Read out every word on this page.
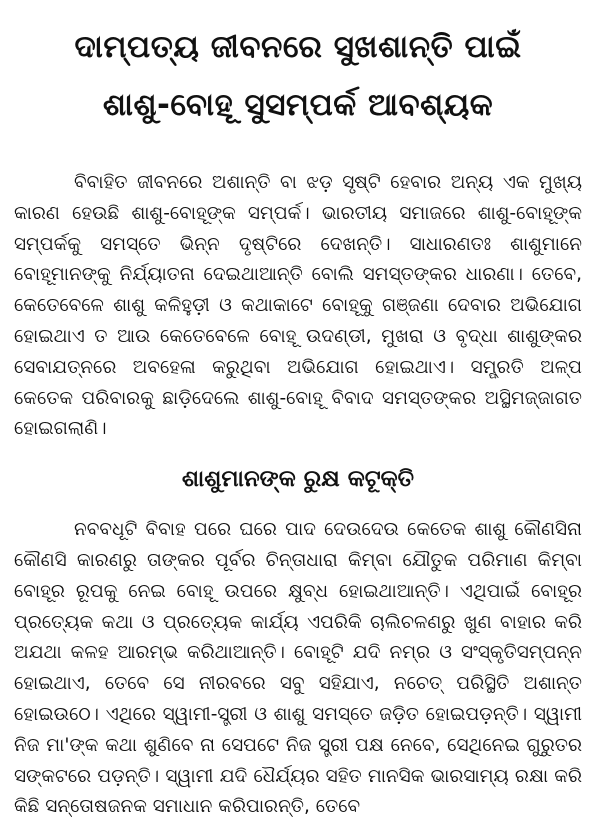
ଦାମ୍ପତ୍ୟ ଜୀବନରେ ସୁଖଶାନ୍ତି ପାଇଁ
ଶାଶୁ-ବୋହୂ ସୁସମ୍ପର୍କ ଆବଶ୍ୟକ

ବିବାହିତ ଜୀବନରେ ଅଶାନ୍ତି ବା ଝଡ଼ ସୃଷ୍ଟି ହେବାର ଅନ୍ୟ ଏକ ମୁଖ୍ୟ କାରଣ ହେଉଛି ଶାଶୁ-ବୋହୂଙ୍କ ସମ୍ପର୍କ। ଭାରତୀୟ ସମାଜରେ ଶାଶୁ-ବୋହୂଙ୍କ ସମ୍ପର୍କକୁ ସମସ୍ତେ ଭିନ୍ନ ଦୃଷ୍ଟିରେ ଦେଖନ୍ତି। ସାଧାରଣତଃ ଶାଶୁମାନେ ବୋହୂମାନଙ୍କୁ ନିର୍ଯ୍ୟାତନା ଦେଇଥାଆନ୍ତି ବୋଲି ସମସ୍ତଙ୍କର ଧାରଣା। ତେବେ, କେତେବେଳେ ଶାଶୁ କଳିହୁଡ଼ୀ ଓ କଥାକାଟେ ବୋହୂକୁ ଗଞ୍ଜଣା ଦେବାର ଅଭିଯୋଗ ହୋଇଥାଏ ତ ଆଉ କେତେବେଳେ ବୋହୂ ଉଦଣ୍ଡୀ, ମୁଖରା ଓ ବୃଦ୍ଧା ଶାଶୁଙ୍କର ସେବାଯତ୍ନରେ ଅବହେଳା କରୁଥିବା ଅଭିଯୋଗ ହୋଇଥାଏ। ସମ୍ପ୍ରତି ଅଳ୍ପ କେତେକ ପରିବାରକୁ ଛାଡ଼ିଦେଲେ ଶାଶୁ-ବୋହୂ ବିବାଦ ସମସ୍ତଙ୍କର ଅସ୍ଥିମଜ୍ଜାଗତ ହୋଇଗଲାଣି।

ଶାଶୁମାନଙ୍କ ରୁକ୍ଷ କଟୂକ୍ତି

ନବବଧୂଟି ବିବାହ ପରେ ଘରେ ପାଦ ଦେଉଦେଉ କେତେକ ଶାଶୁ କୌଣସିନା କୌଣସି କାରଣରୁ ତାଙ୍କର ପୂର୍ବର ଚିନ୍ତାଧାରା କିମ୍ବା ଯୌତୁକ ପରିମାଣ କିମ୍ବା ବୋହୂର ରୂପକୁ ନେଇ ବୋହୂ ଉପରେ କ୍ଷୁବ୍ଧ ହୋଇଥାଆନ୍ତି। ଏଥିପାଇଁ ବୋହୂର ପ୍ରତ୍ୟେକ କଥା ଓ ପ୍ରତ୍ୟେକ କାର୍ଯ୍ୟ ଏପରିକି ଚାଲିଚଳଣରୁ ଖୁଣ ବାହାର କରି ଅଯଥା କଳହ ଆରମ୍ଭ କରିଥାଆନ୍ତି। ବୋହୂଟି ଯଦି ନମ୍ର ଓ ସଂସ୍କୃତିସମ୍ପନ୍ନ ହୋଇଥାଏ, ତେବେ ସେ ନୀରବରେ ସବୁ ସହିଯାଏ, ନଚେତ୍ ପରିସ୍ଥିତି ଅଶାନ୍ତ ହୋଇଉଠେ। ଏଥିରେ ସ୍ୱାମୀ-ସ୍ତ୍ରୀ ଓ ଶାଶୁ ସମସ୍ତେ ଜଡ଼ିତ ହୋଇପଡ଼ନ୍ତି। ସ୍ୱାମୀ ନିଜ ମା'ଙ୍କ କଥା ଶୁଣିବେ ନା ସେପଟେ ନିଜ ସ୍ତ୍ରୀ ପକ୍ଷ ନେବେ, ସେଥିନେଇ ଗୁରୁତର ସଙ୍କଟରେ ପଡ଼ନ୍ତି। ସ୍ୱାମୀ ଯଦି ଧୈର୍ଯ୍ୟର ସହିତ ମାନସିକ ଭାରସାମ୍ୟ ରକ୍ଷା କରି କିଛି ସନ୍ତୋଷଜନକ ସମାଧାନ କରିପାରନ୍ତି, ତେବେ
